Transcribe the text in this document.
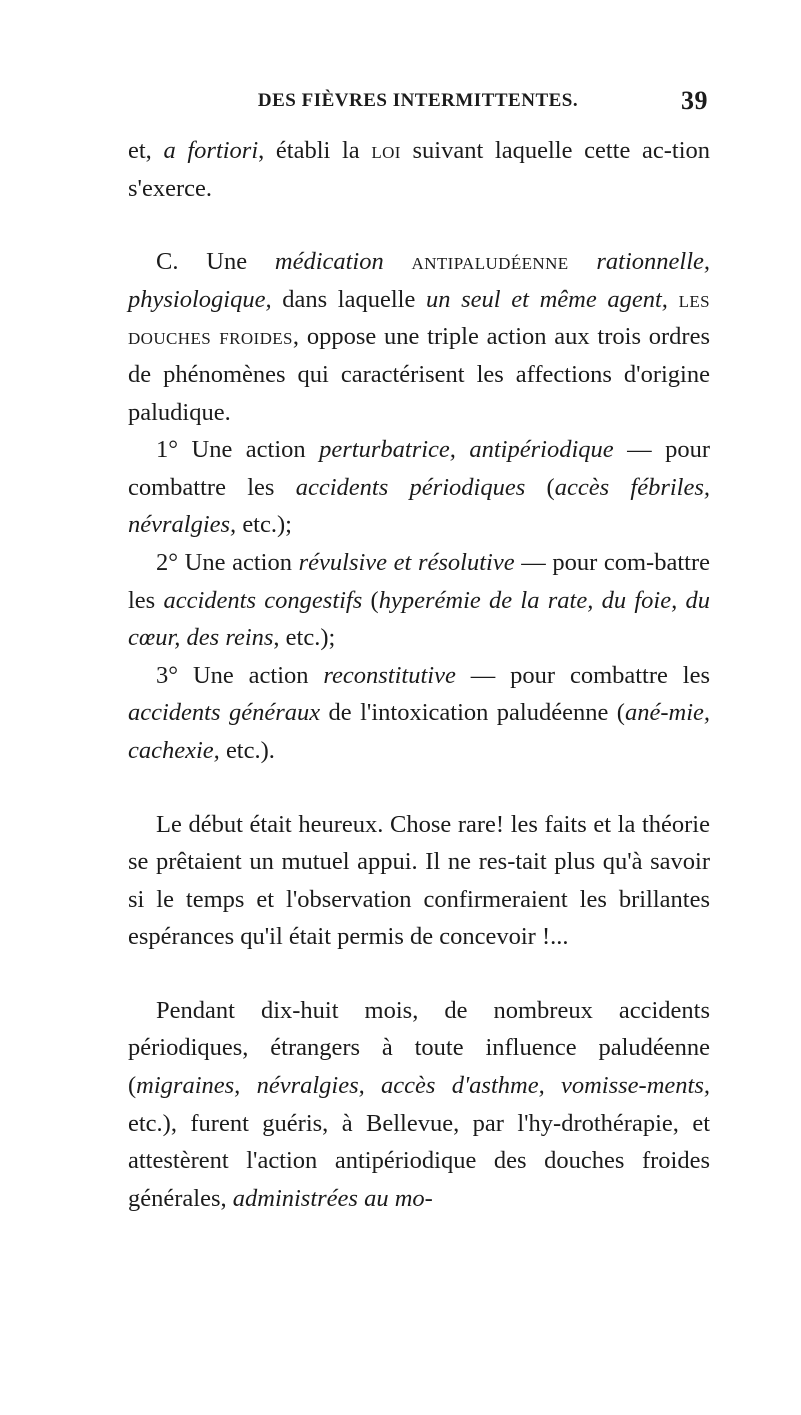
DES FIÈVRES INTERMITTENTES.	39

et, a fortiori, établi la loi suivant laquelle cette ac-tion s'exerce.

C. Une médication antipaludéenne rationnelle, physiologique, dans laquelle un seul et même agent, les douches froides, oppose une triple action aux trois ordres de phénomènes qui caractérisent les affections d'origine paludique.

1° Une action perturbatrice, antipériodique — pour combattre les accidents périodiques (accès fébriles, névralgies, etc.);

2° Une action révulsive et résolutive — pour com-battre les accidents congestifs (hyperémie de la rate, du foie, du cœur, des reins, etc.);

3° Une action reconstitutive — pour combattre les accidents généraux de l'intoxication paludéenne (ané-mie, cachexie, etc.).

Le début était heureux. Chose rare! les faits et la théorie se prêtaient un mutuel appui. Il ne res-tait plus qu'à savoir si le temps et l'observation confirmeraient les brillantes espérances qu'il était permis de concevoir !...

Pendant dix-huit mois, de nombreux accidents périodiques, étrangers à toute influence paludéenne (migraines, névralgies, accès d'asthme, vomisse-ments, etc.), furent guéris, à Bellevue, par l'hy-drothérapie, et attestèrent l'action antipériodique des douches froides générales, administrées au mo-
